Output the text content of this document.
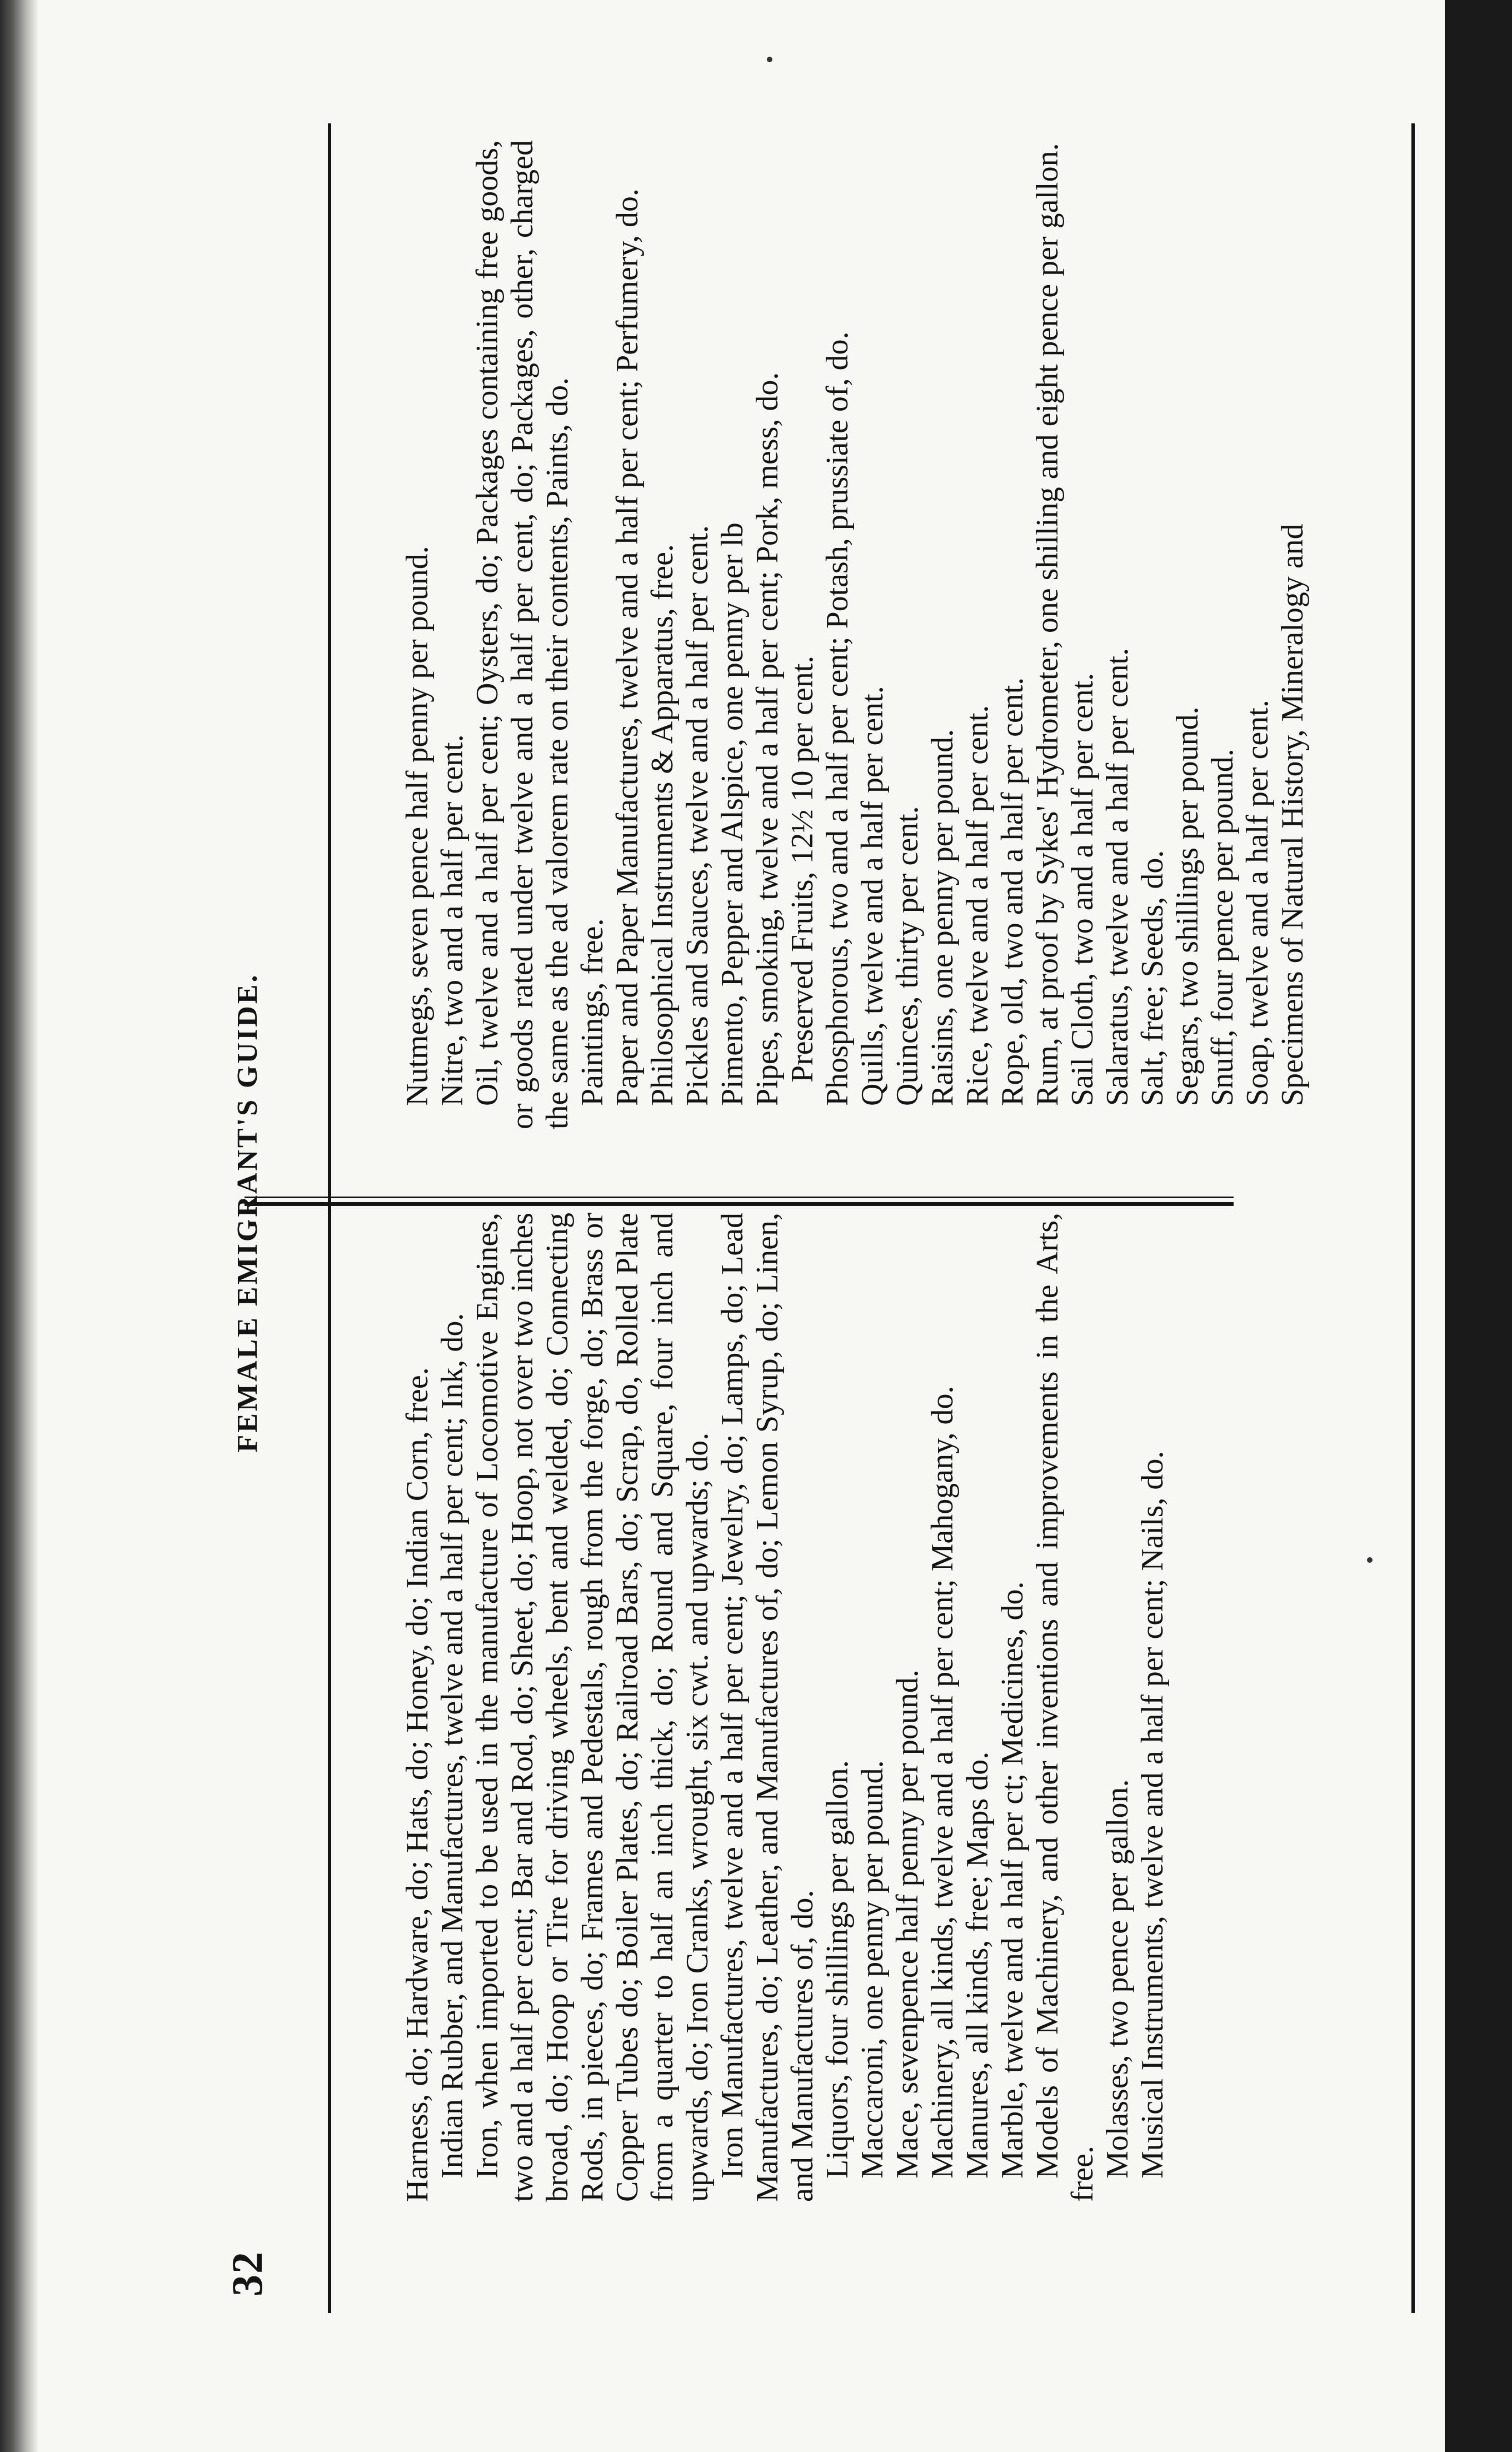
32
FEMALE EMIGRANT'S GUIDE.

Harness, do; Hardware, do; Hats, do; Honey, do; Indian Corn, free. Indian Rubber, and Manufactures, twelve and a half per cent; Ink, do. Iron, when imported to be used in the manufacture of Locomotive Engines, two and a half per cent; Bar and Rod, do; Sheet, do; Hoop, not over two inches broad, do; Hoop or Tire for driving wheels, bent and welded, do; Connecting Rods, in pieces, do; Frames and Pedestals, rough from the forge, do; Brass or Copper Tubes do; Boiler Plates, do; Railroad Bars, do; Scrap, do, Rolled Plate from a quarter to half an inch thick, do; Round and Square, four inch and upwards, do; Iron Cranks, wrought, six cwt. and upwards; do. Iron Manufactures, twelve and a half per cent; Jewelry, do; Lamps, do; Lead Manufactures, do; Leather, and Manufactures of, do; Lemon Syrup, do; Linen, and Manufactures of, do. Liquors, four shillings per gallon. Maccaroni, one penny per pound. Mace, sevenpence half penny per pound. Machinery, all kinds, twelve and a half per cent; Mahogany, do. Manures, all kinds, free; Maps do. Marble, twelve and a half per ct; Medicines, do. Models of Machinery, and other inventions and improvements in the Arts, free. Molasses, two pence per gallon. Musical Instruments, twelve and a half per cent; Nails, do.

Nutmegs, seven pence half penny per pound. Nitre, two and a half per cent. Oil, twelve and a half per cent; Oysters, do; Packages containing free goods, or goods rated under twelve and a half per cent, do; Packages, other, charged the same as the ad valorem rate on their contents, Paints, do. Paintings, free. Paper and Paper Manufactures, twelve and a half per cent; Perfumery, do. Philosophical Instruments & Apparatus, free. Pickles and Sauces, twelve and a half per cent. Pimento, Pepper and Alspice, one penny per lb Pipes, smoking, twelve and a half per cent; Pork, mess, do. Preserved Fruits, 12½ 10 per cent. Phosphorous, two and a half per cent; Potash, prussiate of, do. Quills, twelve and a half per cent. Quinces, thirty per cent. Raisins, one penny per pound. Rice, twelve and a half per cent. Rope, old, two and a half per cent. Rum, at proof by Sykes' Hydrometer, one shilling and eight pence per gallon. Sail Cloth, two and a half per cent. Salaratus, twelve and a half per cent. Salt, free; Seeds, do. Segars, two shillings per pound. Snuff, four pence per pound. Soap, twelve and a half per cent. Specimens of Natural History, Mineralogy and
